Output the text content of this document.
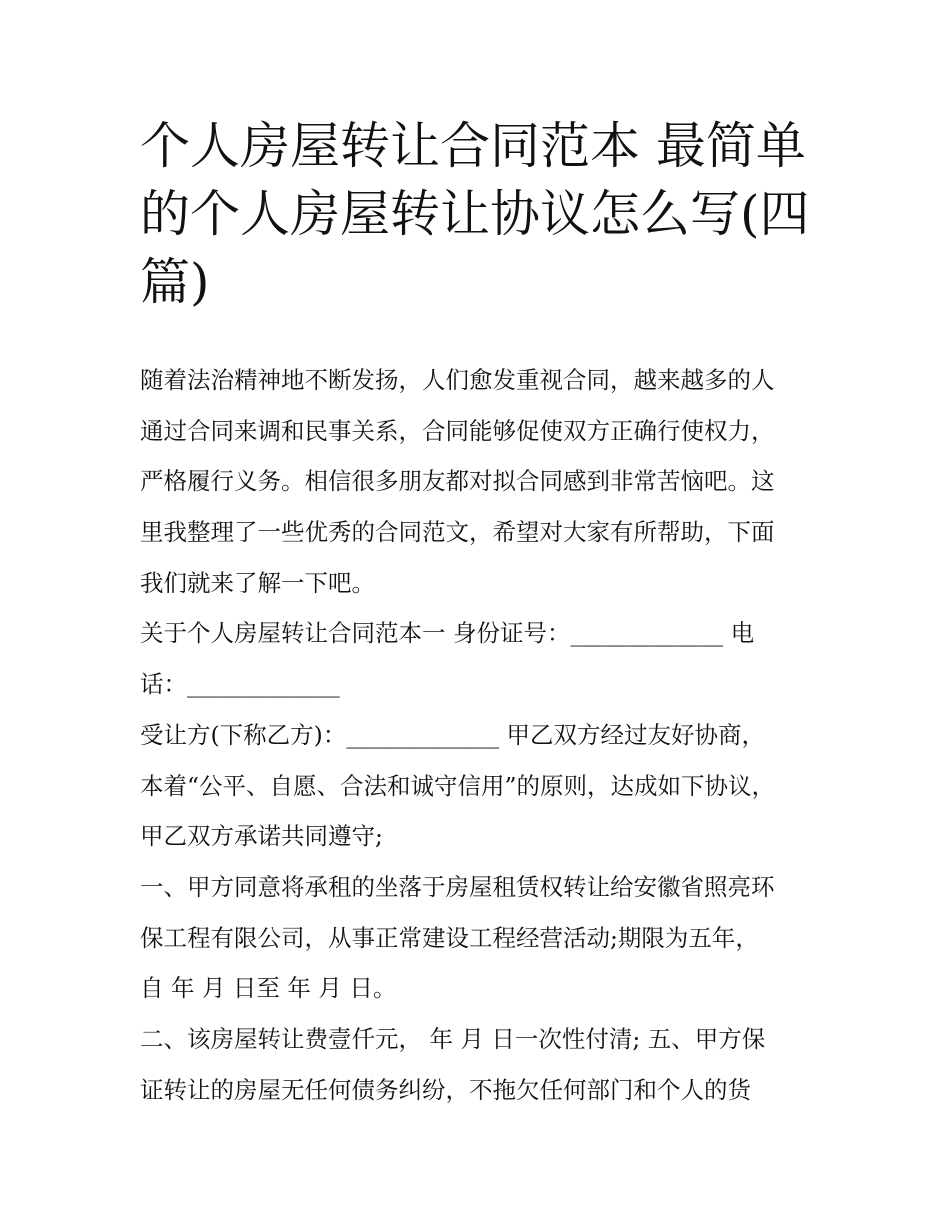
个人房屋转让合同范本 最简单
的个人房屋转让协议怎么写(四
篇)
随着法治精神地不断发扬，人们愈发重视合同，越来越多的人
通过合同来调和民事关系，合同能够促使双方正确行使权力，
严格履行义务。相信很多朋友都对拟合同感到非常苦恼吧。这
里我整理了一些优秀的合同范文，希望对大家有所帮助，下面
我们就来了解一下吧。
关于个人房屋转让合同范本一 身份证号：_____________ 电
话：_____________
受让方(下称乙方)：_____________ 甲乙双方经过友好协商，
本着“公平、自愿、合法和诚守信用”的原则，达成如下协议，
甲乙双方承诺共同遵守;
一、甲方同意将承租的坐落于房屋租赁权转让给安徽省照亮环
保工程有限公司，从事正常建设工程经营活动;期限为五年，
自 年 月 日至 年 月 日。
二、该房屋转让费壹仟元， 年 月 日一次性付清; 五、甲方保
证转让的房屋无任何债务纠纷，不拖欠任何部门和个人的货
